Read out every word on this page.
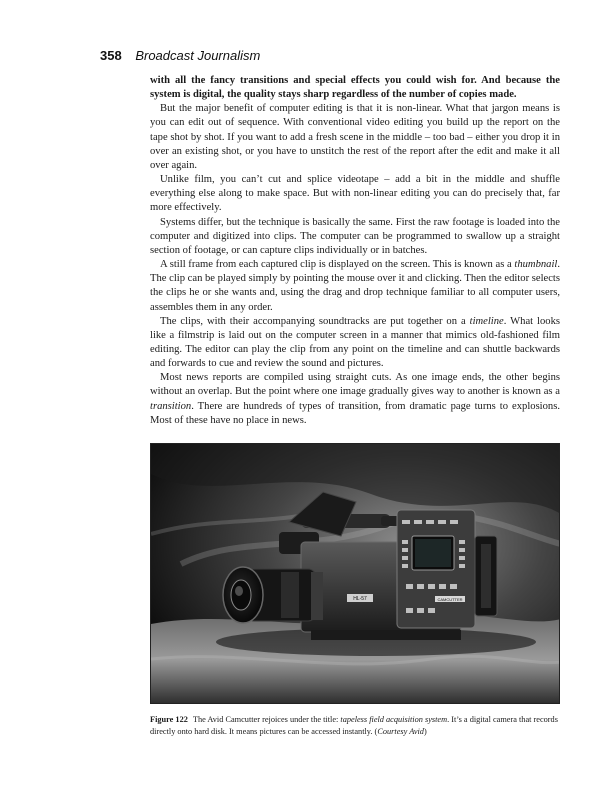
358 Broadcast Journalism

with all the fancy transitions and special effects you could wish for. And because the system is digital, the quality stays sharp regardless of the number of copies made.

But the major benefit of computer editing is that it is non-linear. What that jargon means is you can edit out of sequence. With conventional video editing you build up the report on the tape shot by shot. If you want to add a fresh scene in the middle – too bad – either you drop it in over an existing shot, or you have to unstitch the rest of the report after the edit and make it all over again.

Unlike film, you can’t cut and splice videotape – add a bit in the middle and shuffle everything else along to make space. But with non-linear editing you can do precisely that, far more effectively.

Systems differ, but the technique is basically the same. First the raw footage is loaded into the computer and digitized into clips. The computer can be programmed to swallow up a straight section of footage, or can capture clips individually or in batches.

A still frame from each captured clip is displayed on the screen. This is known as a thumbnail. The clip can be played simply by pointing the mouse over it and clicking. Then the editor selects the clips he or she wants and, using the drag and drop technique familiar to all computer users, assembles them in any order.

The clips, with their accompanying soundtracks are put together on a timeline. What looks like a filmstrip is laid out on the computer screen in a manner that mimics old-fashioned film editing. The editor can play the clip from any point on the timeline and can shuttle backwards and forwards to cue and review the sound and pictures.

Most news reports are compiled using straight cuts. As one image ends, the other begins without an overlap. But the point where one image gradually gives way to another is known as a transition. There are hundreds of types of transition, from dramatic page turns to explosions. Most of these have no place in news.

CAMCUTTER
HL-57
Figure 122 The Avid Camcutter rejoices under the title: tapeless field acquisition system. It’s a digital camera that records directly onto hard disk. It means pictures can be accessed instantly. (Courtesy Avid)
